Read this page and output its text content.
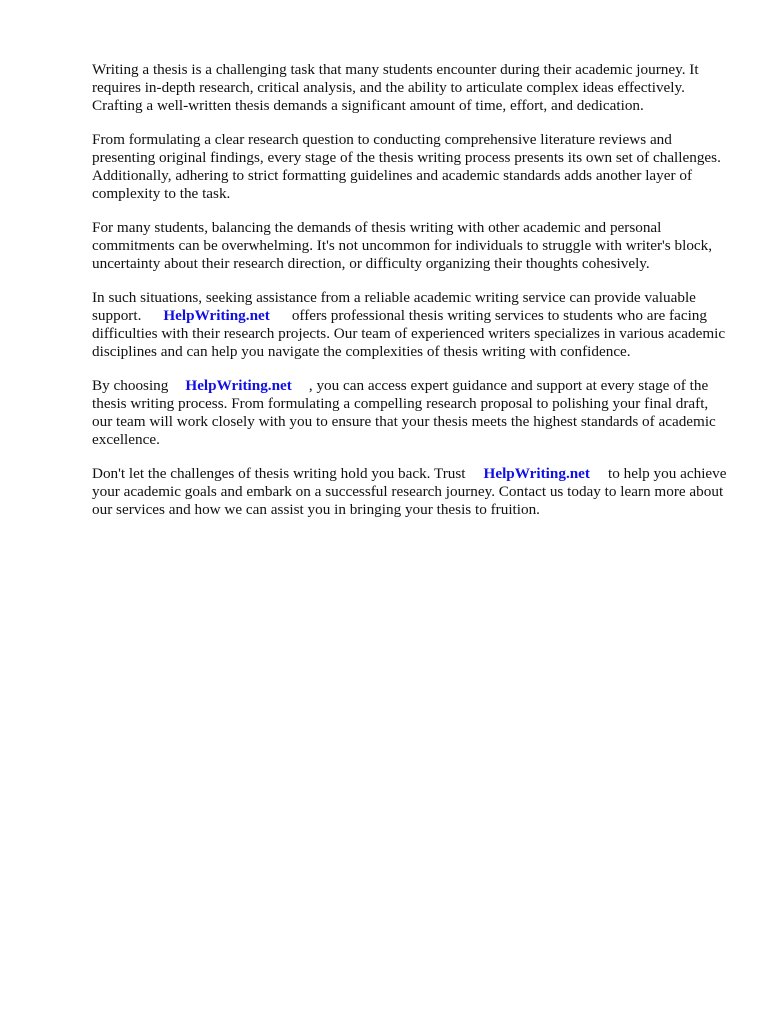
Writing a thesis is a challenging task that many students encounter during their academic journey. It requires in-depth research, critical analysis, and the ability to articulate complex ideas effectively. Crafting a well-written thesis demands a significant amount of time, effort, and dedication.

From formulating a clear research question to conducting comprehensive literature reviews and presenting original findings, every stage of the thesis writing process presents its own set of challenges. Additionally, adhering to strict formatting guidelines and academic standards adds another layer of complexity to the task.

For many students, balancing the demands of thesis writing with other academic and personal commitments can be overwhelming. It's not uncommon for individuals to struggle with writer's block, uncertainty about their research direction, or difficulty organizing their thoughts cohesively.

In such situations, seeking assistance from a reliable academic writing service can provide valuable support. HelpWriting.net offers professional thesis writing services to students who are facing difficulties with their research projects. Our team of experienced writers specializes in various academic disciplines and can help you navigate the complexities of thesis writing with confidence.

By choosing HelpWriting.net , you can access expert guidance and support at every stage of the thesis writing process. From formulating a compelling research proposal to polishing your final draft, our team will work closely with you to ensure that your thesis meets the highest standards of academic excellence.

Don't let the challenges of thesis writing hold you back. Trust HelpWriting.net to help you achieve your academic goals and embark on a successful research journey. Contact us today to learn more about our services and how we can assist you in bringing your thesis to fruition.
